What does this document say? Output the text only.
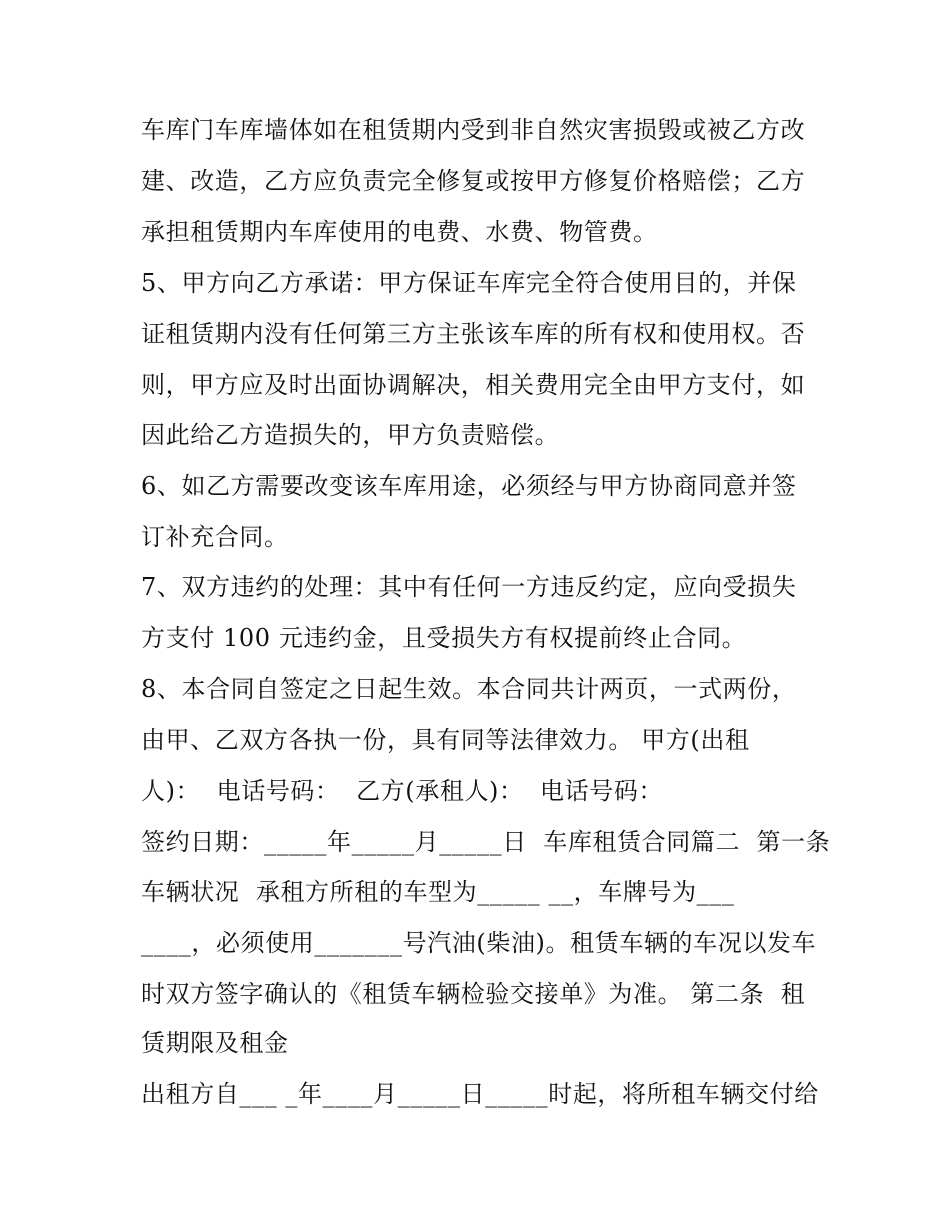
车库门车库墙体如在租赁期内受到非自然灾害损毁或被乙方改
建、改造，乙方应负责完全修复或按甲方修复价格赔偿；乙方
承担租赁期内车库使用的电费、水费、物管费。
5、甲方向乙方承诺：甲方保证车库完全符合使用目的，并保
证租赁期内没有任何第三方主张该车库的所有权和使用权。否
则，甲方应及时出面协调解决，相关费用完全由甲方支付，如
因此给乙方造损失的，甲方负责赔偿。
6、如乙方需要改变该车库用途，必须经与甲方协商同意并签
订补充合同。
7、双方违约的处理：其中有任何一方违反约定，应向受损失
方支付 100 元违约金，且受损失方有权提前终止合同。
8、本合同自签定之日起生效。本合同共计两页，一式两份，
由甲、乙双方各执一份，具有同等法律效力。 甲方(出租
人)：  电话号码：  乙方(承租人)：  电话号码：
签约日期：_____年_____月_____日  车库租赁合同篇二  第一条
车辆状况  承租方所租的车型为_____ __，车牌号为___
____，必须使用_______号汽油(柴油)。租赁车辆的车况以发车
时双方签字确认的《租赁车辆检验交接单》为准。 第二条  租
赁期限及租金
出租方自___ _年____月_____日_____时起，将所租车辆交付给
